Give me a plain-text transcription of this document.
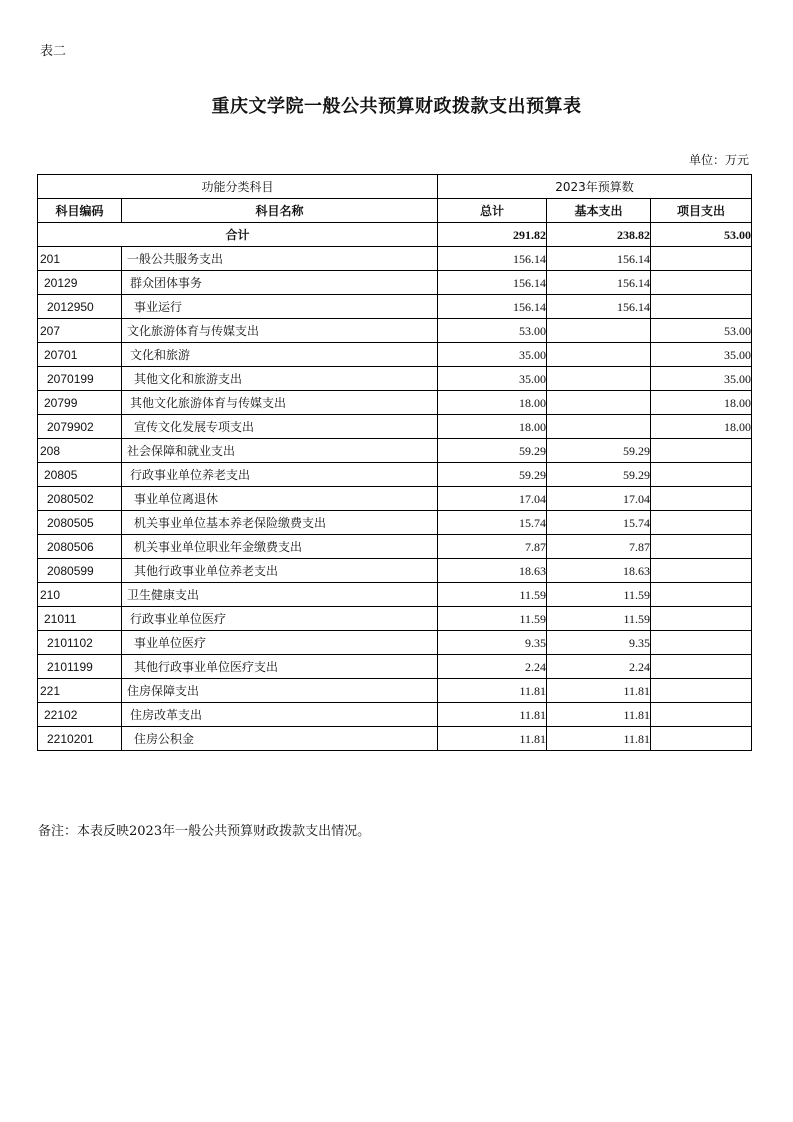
表二
重庆文学院一般公共预算财政拨款支出预算表
单位：万元
功能分类科目		2023年预算数		
科目编码	科目名称	总计	基本支出	项目支出
合计		291.82	238.82	53.00
201	一般公共服务支出	156.14	156.14	
20129	群众团体事务	156.14	156.14	
2012950	事业运行	156.14	156.14	
207	文化旅游体育与传媒支出	53.00		53.00
20701	文化和旅游	35.00		35.00
2070199	其他文化和旅游支出	35.00		35.00
20799	其他文化旅游体育与传媒支出	18.00		18.00
2079902	宣传文化发展专项支出	18.00		18.00
208	社会保障和就业支出	59.29	59.29	
20805	行政事业单位养老支出	59.29	59.29	
2080502	事业单位离退休	17.04	17.04	
2080505	机关事业单位基本养老保险缴费支出	15.74	15.74	
2080506	机关事业单位职业年金缴费支出	7.87	7.87	
2080599	其他行政事业单位养老支出	18.63	18.63	
210	卫生健康支出	11.59	11.59	
21011	行政事业单位医疗	11.59	11.59	
2101102	事业单位医疗	9.35	9.35	
2101199	其他行政事业单位医疗支出	2.24	2.24	
221	住房保障支出	11.81	11.81	
22102	住房改革支出	11.81	11.81	
2210201	住房公积金	11.81	11.81	
备注：本表反映2023年一般公共预算财政拨款支出情况。
